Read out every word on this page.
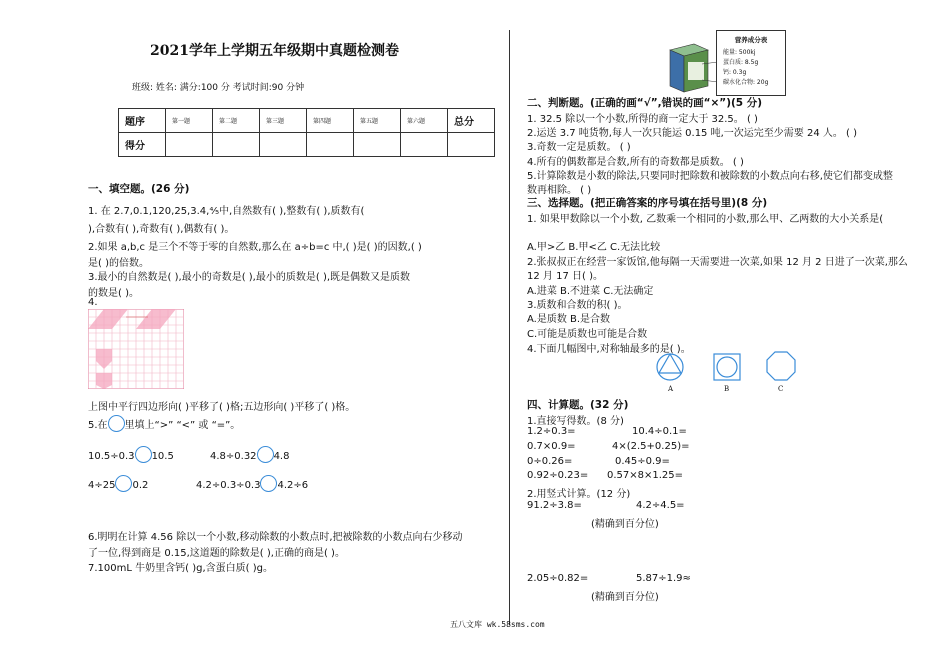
2021学年上学期五年级期中真题检测卷
班级: 姓名: 满分:100 分 考试时间:90 分钟
题序	第一题	第二题	第三题	第四题	第五题	第六题	总分
得分							
一、填空题。(26 分)
1. 在 2.7,0.1,120,25,3.4,⅘中,自然数有( ),整数有( ),质数有(
),合数有( ),奇数有( ),偶数有( )。
2.如果 a,b,c 是三个不等于零的自然数,那么在 a÷b=c 中,( )是( )的因数,( )
是( )的倍数。
3.最小的自然数是( ),最小的奇数是( ),最小的质数是( ),既是偶数又是质数
的数是( )。
4.
上图中平行四边形向( )平移了( )格;五边形向( )平移了( )格。
5.在 里填上“>” “<” 或 “=”。
10.5÷0.3 10.5	4.8÷0.32 4.8
4÷25 0.2	4.2÷0.3÷0.3 4.2÷6
6.明明在计算 4.56 除以一个小数,移动除数的小数点时,把被除数的小数点向右少移动
了一位,得到商是 0.15,这道题的除数是( ),正确的商是( )。
7.100mL 牛奶里含钙( )g,含蛋白质( )g。
营养成分表
能量: 500kj
蛋白质: 8.5g
钙: 0.3g
碳水化合物: 20g
二、判断题。(正确的画“√”,错误的画“×”)(5 分)
1. 32.5 除以一个小数,所得的商一定大于 32.5。 ( )
2.运送 3.7 吨货物,每人一次只能运 0.15 吨,一次运完至少需要 24 人。 ( )
3.奇数一定是质数。 ( )
4.所有的偶数都是合数,所有的奇数都是质数。 ( )
5.计算除数是小数的除法,只要同时把除数和被除数的小数点向右移,使它们都变成整
数再相除。 ( )
三、选择题。(把正确答案的序号填在括号里)(8 分)
1. 如果甲数除以一个小数, 乙数乘一个相同的小数,那么甲、乙两数的大小关系是(
A.甲>乙 B.甲<乙 C.无法比较
2.张叔叔正在经营一家饭馆,他每隔一天需要进一次菜,如果 12 月 2 日进了一次菜,那么
12 月 17 日( )。
A.进菜 B.不进菜 C.无法确定
3.质数和合数的积( )。
A.是质数 B.是合数
C.可能是质数也可能是合数
4.下面几幅图中,对称轴最多的是( )。
A	B	C
四、计算题。(32 分)
1.直接写得数。(8 分)
1.2÷0.3=	10.4÷0.1=
0.7×0.9=	4×(2.5+0.25)=
0÷0.26=	0.45÷0.9=
0.92÷0.23= 0.57×8×1.25=
2.用竖式计算。(12 分)
91.2÷3.8=	4.2÷4.5=
(精确到百分位)
2.05÷0.82=	5.87÷1.9≈
(精确到百分位)
五八文库 wk.58sms.com
